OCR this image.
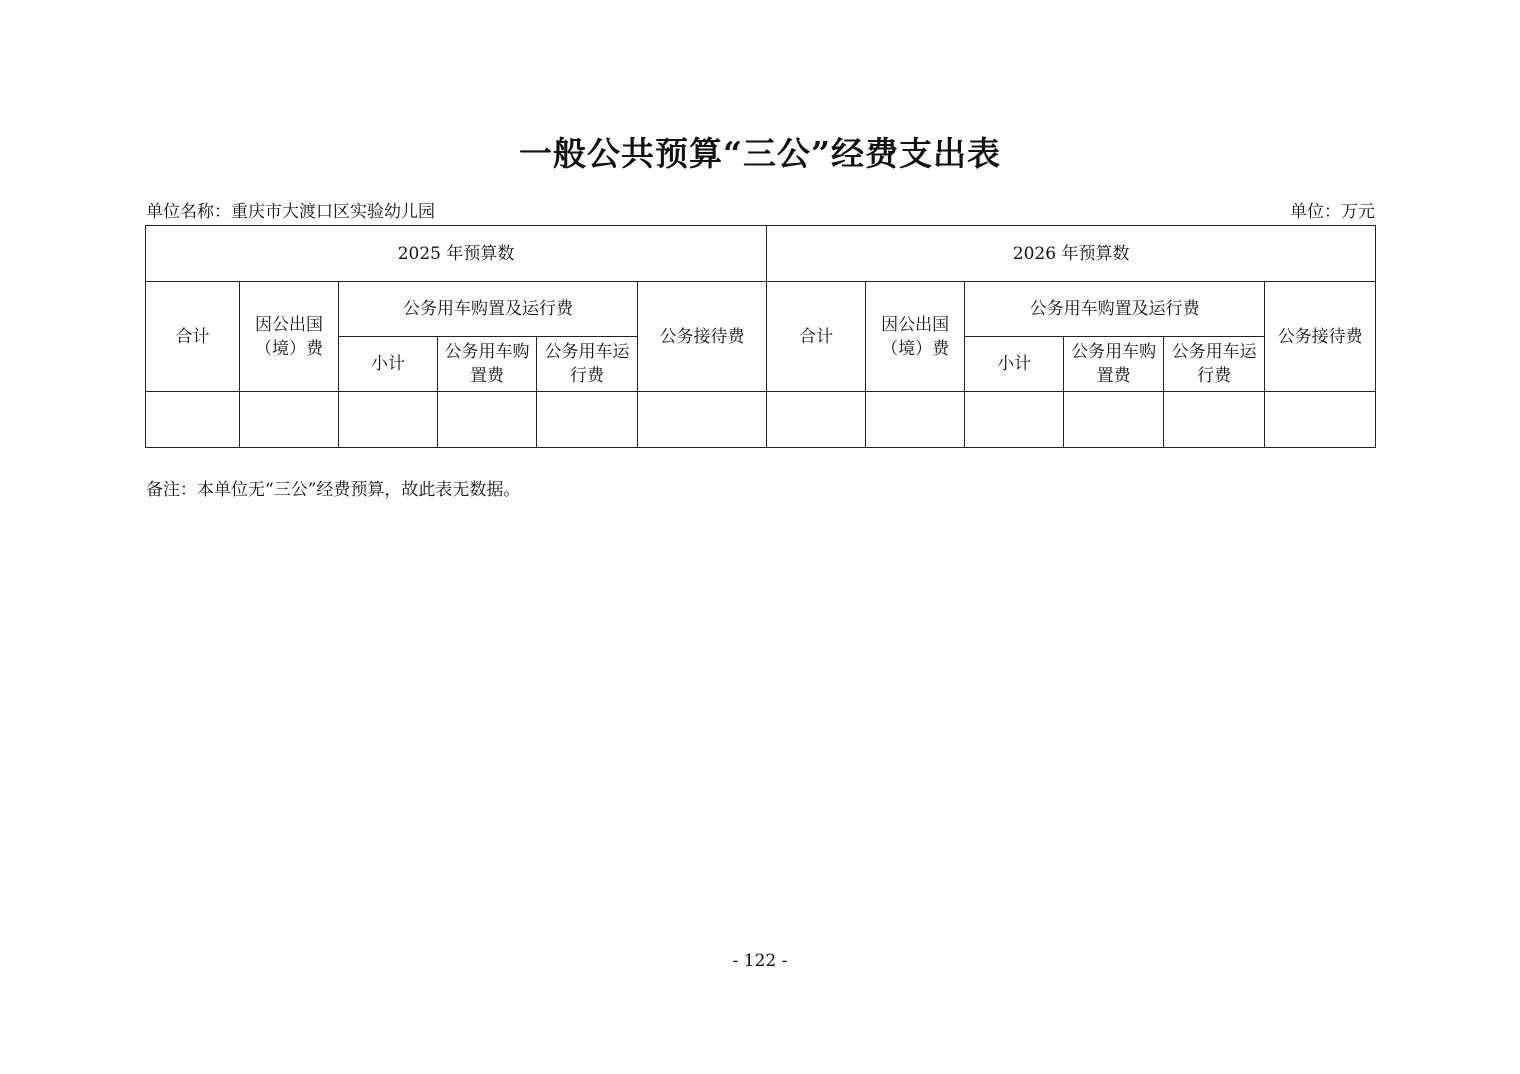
一般公共预算“三公”经费支出表
单位名称：重庆市大渡口区实验幼儿园	单位：万元
2025 年预算数						2026 年预算数					
合计	因公出国（境）费	公务用车购置及运行费			公务接待费	合计	因公出国（境）费	公务用车购置及运行费			公务接待费
		小计	公务用车购置费	公务用车运行费				小计	公务用车购置费	公务用车运行费	

备注：本单位无“三公”经费预算，故此表无数据。
- 122 -
